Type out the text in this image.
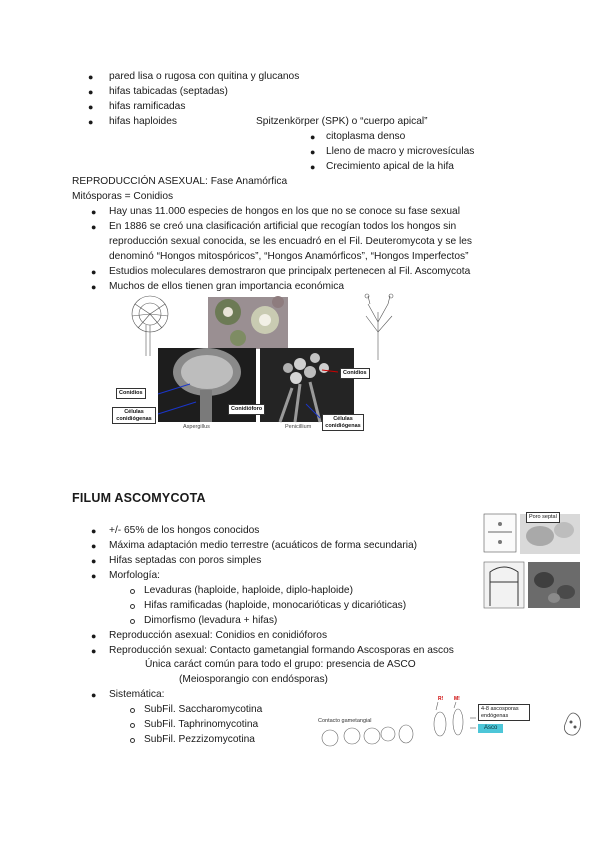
● pared lisa o rugosa con quitina y glucanos
● hifas tabicadas (septadas)
● hifas ramificadas
● hifas haploides	Spitzenkörper (SPK) o “cuerpo apical”
● citoplasma denso
● Lleno de macro y microvesículas
● Crecimiento apical de la hifa
REPRODUCCIÓN ASEXUAL: Fase Anamórfica
Mitósporas = Conidios
● Hay unas 11.000 especies de hongos en los que no se conoce su fase sexual
● En 1886 se creó una clasificación artificial que recogían todos los hongos sin
reproducción sexual conocida, se les encuadró en el Fil. Deuteromycota y se les
denominó “Hongos mitospóricos”, “Hongos Anamórficos”, “Hongos Imperfectos”
● Estudios moleculares demostraron que principalx pertenecen al Fil. Ascomycota
● Muchos de ellos tienen gran importancia económica
Conidios
Células conidiógenas
Conidióforo
Conidios
Células conidiógenas
Aspergillus	Penicillium
FILUM ASCOMYCOTA
● +/- 65% de los hongos conocidos
● Máxima adaptación medio terrestre (acuáticos de forma secundaria)
● Hifas septadas con poros simples
● Morfología:
Levaduras (haploide, haploide, diplo-haploide)
Hifas ramificadas (haploide, monocarióticas y dicarióticas)
Dimorfismo (levadura + hifas)
● Reproducción asexual: Conidios en conidióforos
● Reproducción sexual: Contacto gametangial formando Ascosporas en ascos
Única caráct común para todo el grupo: presencia de ASCO
(Meiosporangio con endósporas)
● Sistemática:
SubFil. Saccharomycotina
SubFil. Taphrinomycotina
SubFil. Pezzizomycotina
Poro septal
Contacto gametangial
R! M!
4-8 ascosporas endógenas
Asco
